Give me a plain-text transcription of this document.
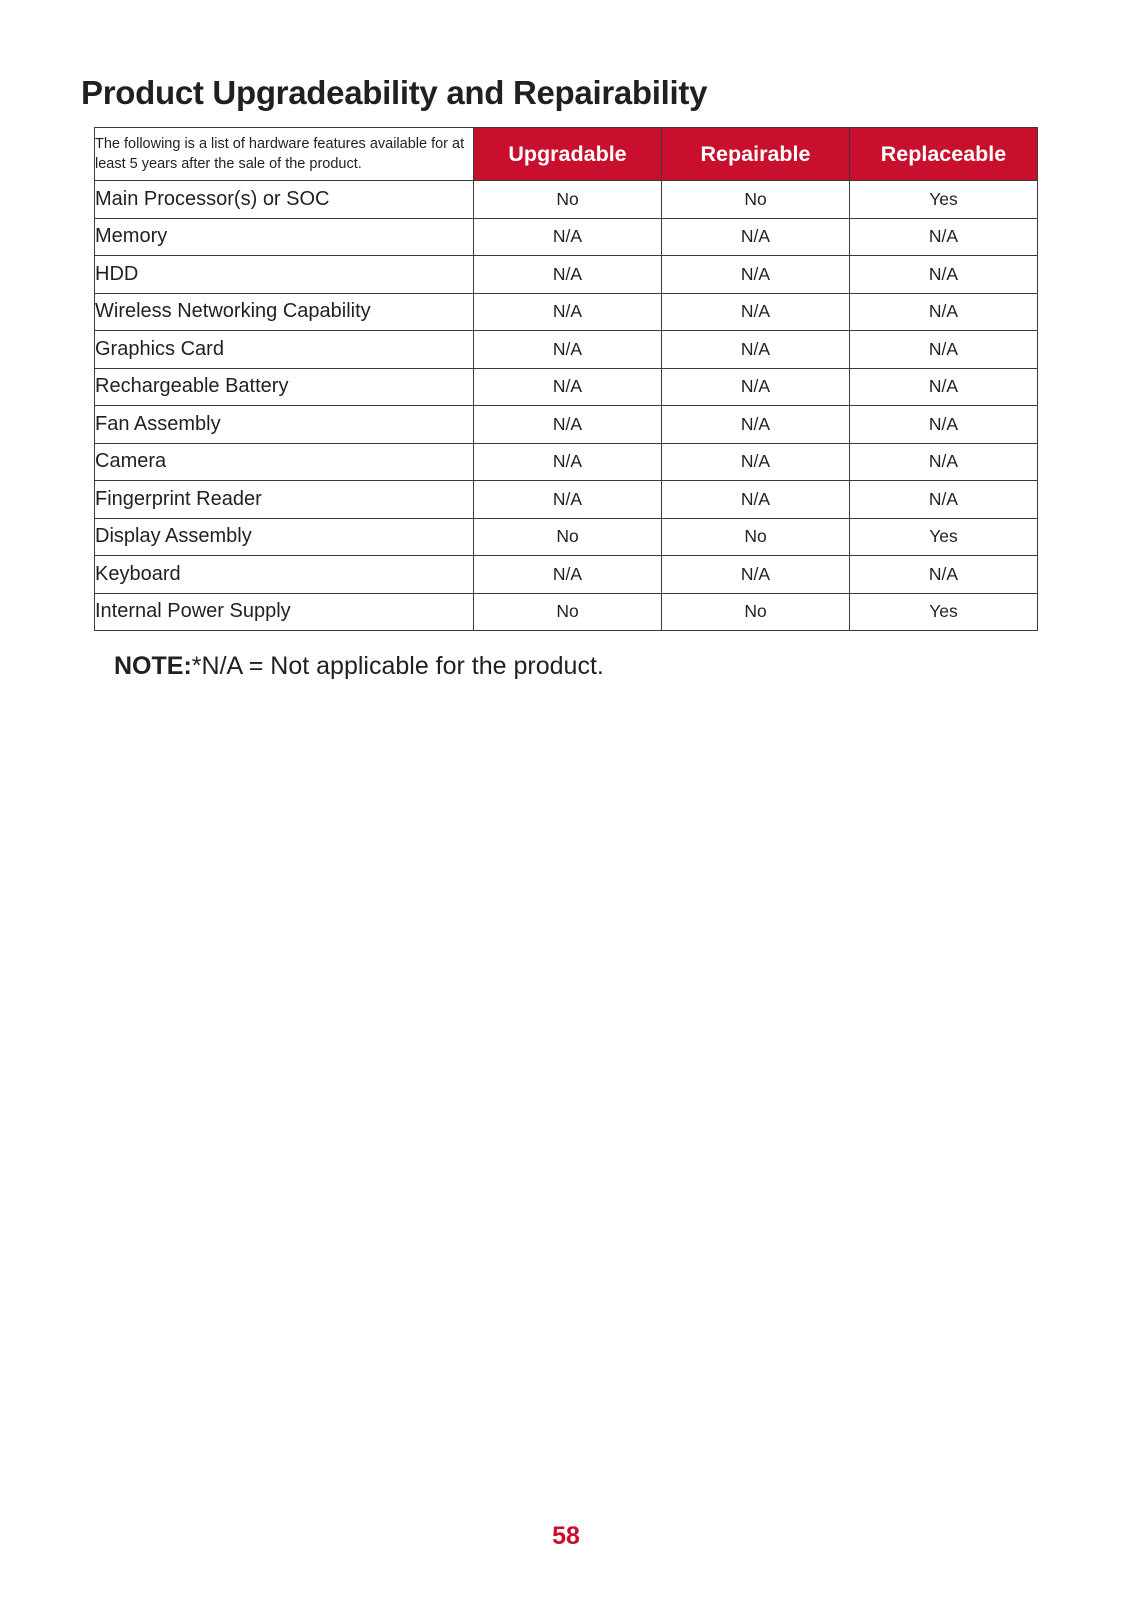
Product Upgradeability and Repairability
The following is a list of hardware features available for at least 5 years after the sale of the product.	Upgradable	Repairable	Replaceable
Main Processor(s) or SOC	No	No	Yes
Memory	N/A	N/A	N/A
HDD	N/A	N/A	N/A
Wireless Networking Capability	N/A	N/A	N/A
Graphics Card	N/A	N/A	N/A
Rechargeable Battery	N/A	N/A	N/A
Fan Assembly	N/A	N/A	N/A
Camera	N/A	N/A	N/A
Fingerprint Reader	N/A	N/A	N/A
Display Assembly	No	No	Yes
Keyboard	N/A	N/A	N/A
Internal Power Supply	No	No	Yes

NOTE:*N/A = Not applicable for the product.

58
